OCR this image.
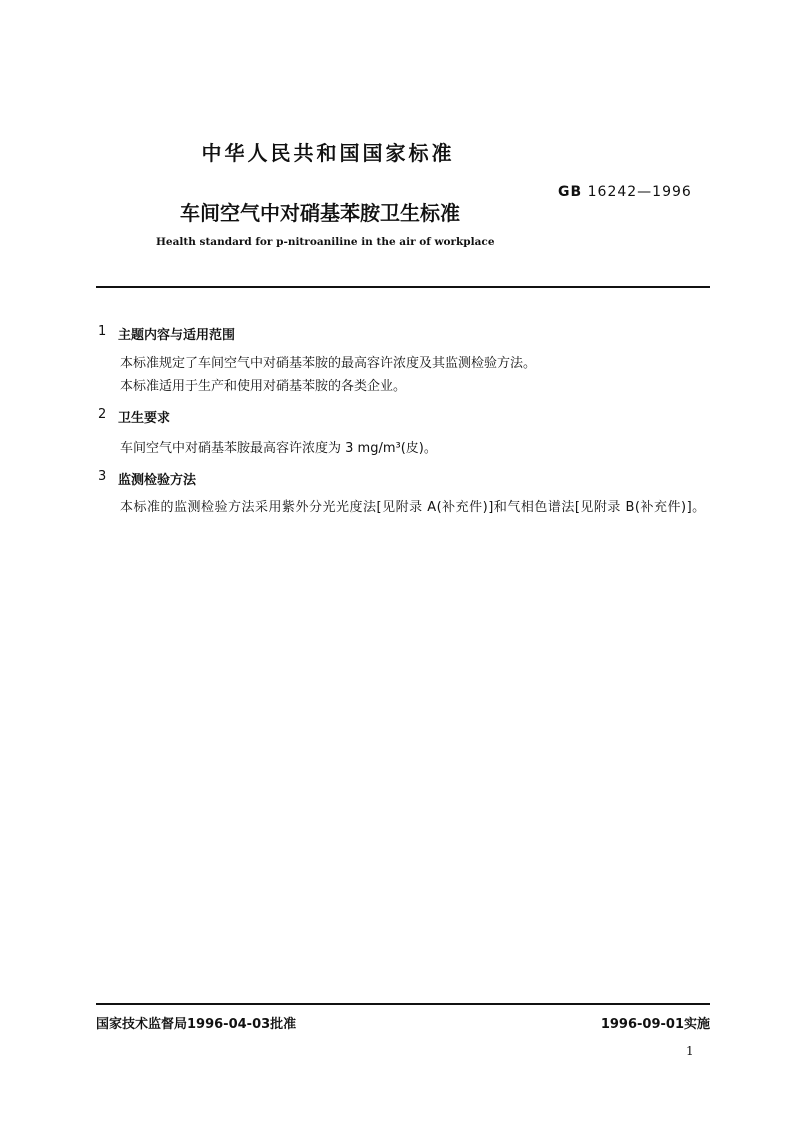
中华人民共和国国家标准
GB 16242—1996
车间空气中对硝基苯胺卫生标准
Health standard for p-nitroaniline in the air of workplace
1 主题内容与适用范围
本标准规定了车间空气中对硝基苯胺的最高容许浓度及其监测检验方法。
本标准适用于生产和使用对硝基苯胺的各类企业。
2 卫生要求
车间空气中对硝基苯胺最高容许浓度为 3 mg/m³(皮)。
3 监测检验方法
本标准的监测检验方法采用紫外分光光度法[见附录 A(补充件)]和气相色谱法[见附录 B(补充件)]。
国家技术监督局1996-04-03批准	1996-09-01实施
1
